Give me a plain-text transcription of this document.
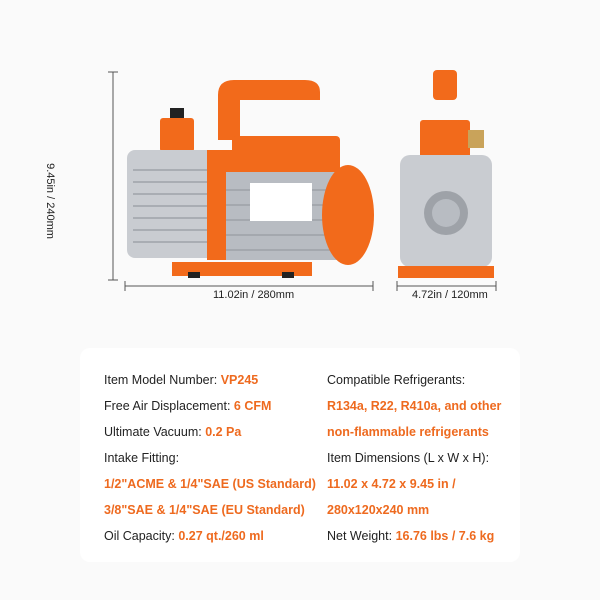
11.02in / 280mm	4.72in / 120mm
9.45in / 240mm
Item Model Number: VP245
Free Air Displacement: 6 CFM
Ultimate Vacuum: 0.2 Pa
Intake Fitting:
1/2"ACME & 1/4"SAE (US Standard)
3/8"SAE & 1/4"SAE (EU Standard)
Oil Capacity: 0.27 qt./260 ml
Compatible Refrigerants:
R134a, R22, R410a, and other
non-flammable refrigerants
Item Dimensions (L x W x H):
11.02 x 4.72 x 9.45 in /
280x120x240 mm
Net Weight: 16.76 lbs / 7.6 kg
